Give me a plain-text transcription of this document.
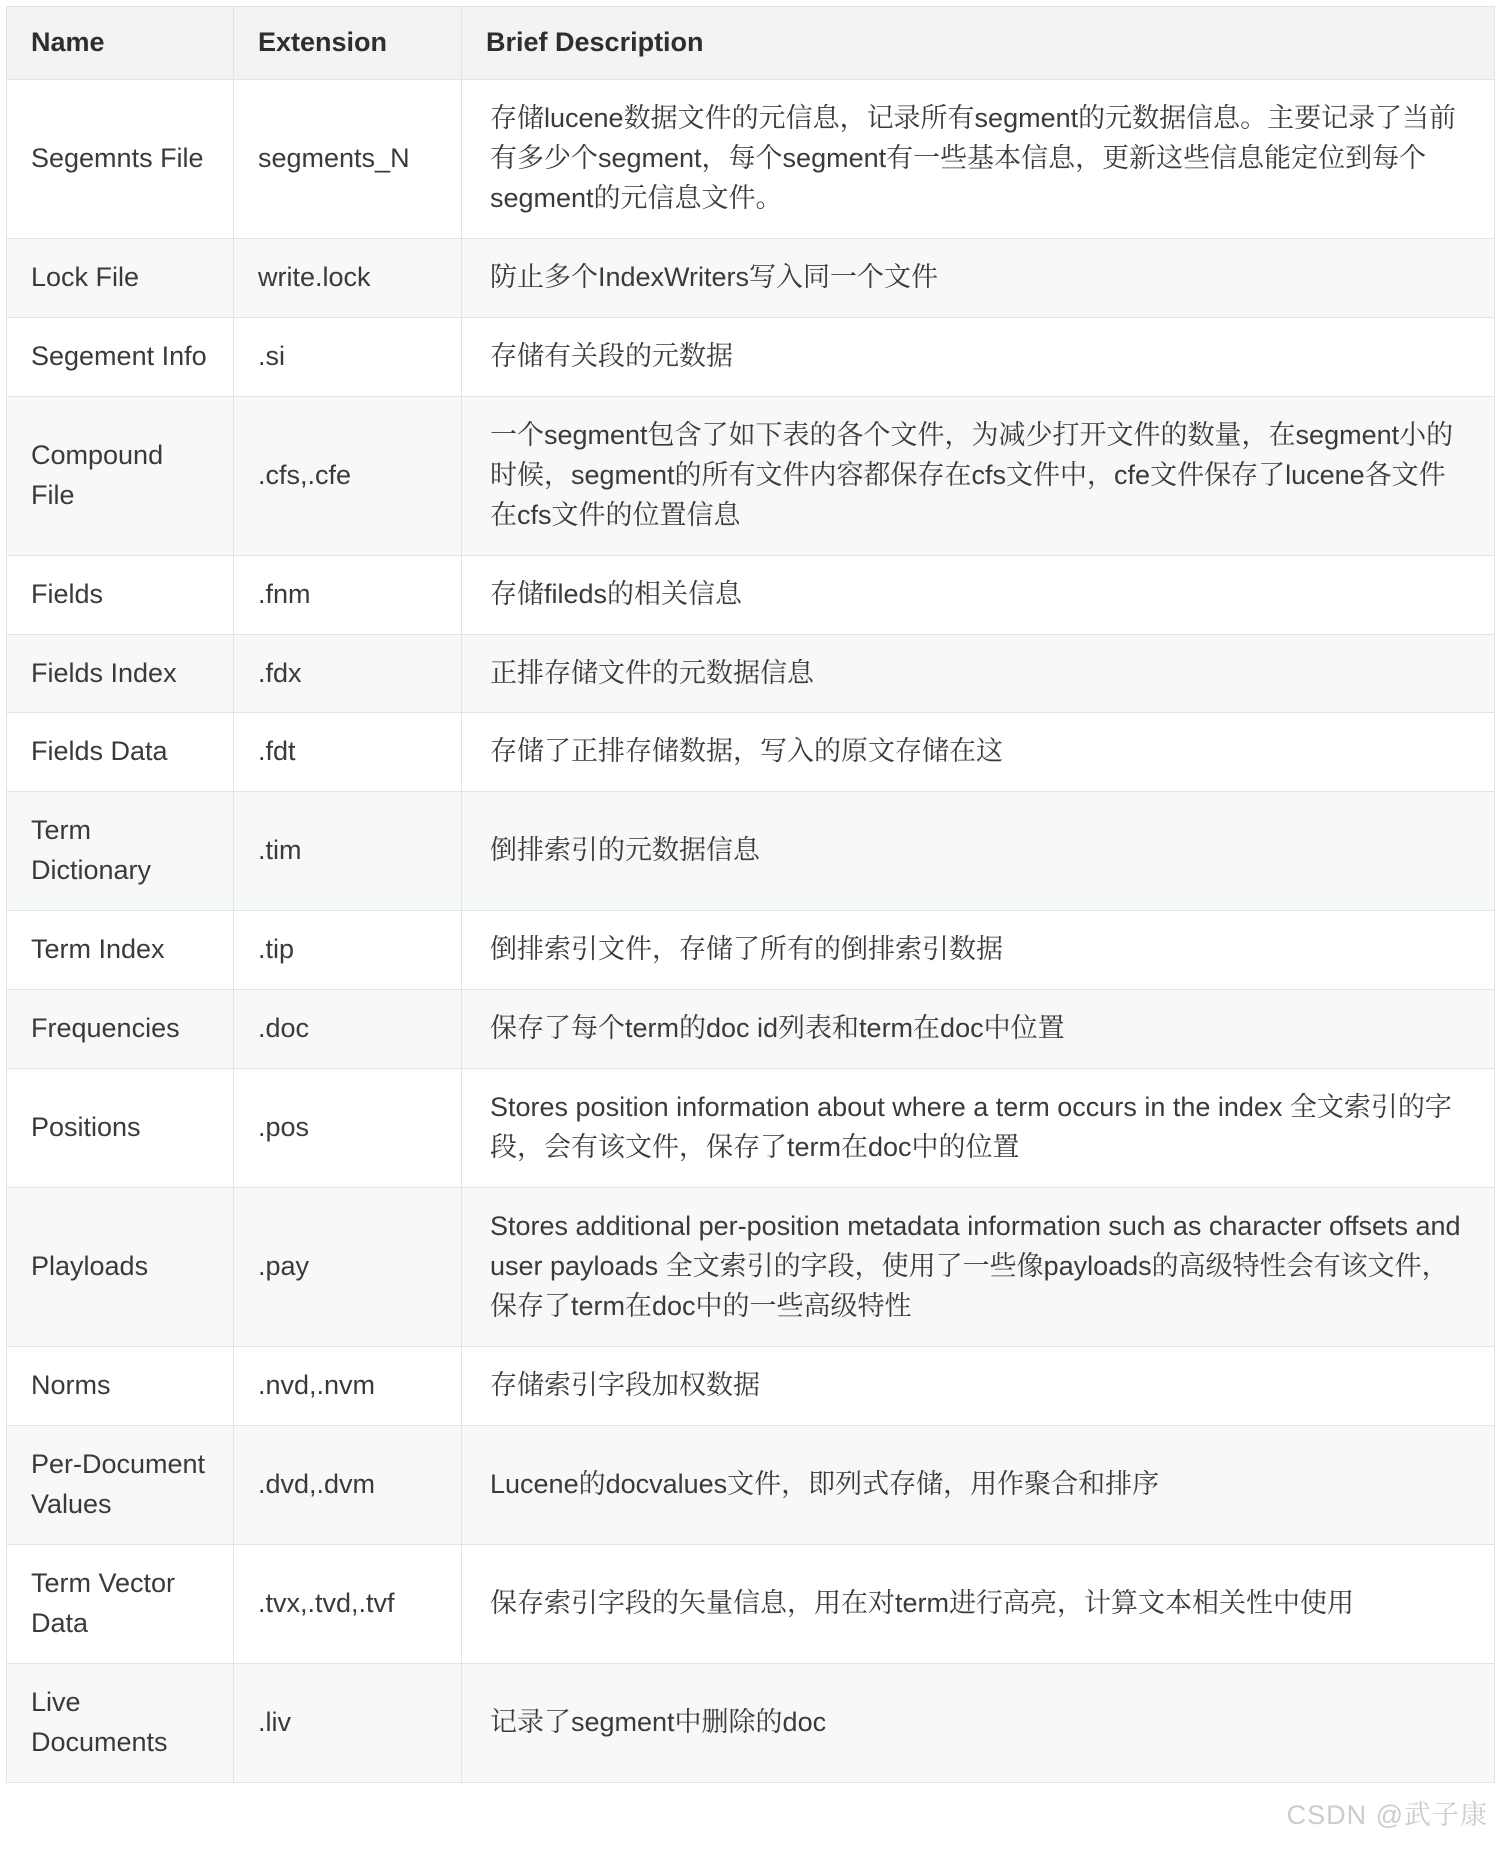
Name	Extension	Brief Description
Segemnts File	segments_N	存储lucene数据文件的元信息，记录所有segment的元数据信息。主要记录了当前有多少个segment，每个segment有一些基本信息，更新这些信息能定位到每个segment的元信息文件。
Lock File	write.lock	防止多个IndexWriters写入同一个文件
Segement Info	.si	存储有关段的元数据
Compound File	.cfs,.cfe	一个segment包含了如下表的各个文件，为减少打开文件的数量，在segment小的时候，segment的所有文件内容都保存在cfs文件中，cfe文件保存了lucene各文件在cfs文件的位置信息
Fields	.fnm	存储fileds的相关信息
Fields Index	.fdx	正排存储文件的元数据信息
Fields Data	.fdt	存储了正排存储数据，写入的原文存储在这
Term Dictionary	.tim	倒排索引的元数据信息
Term Index	.tip	倒排索引文件，存储了所有的倒排索引数据
Frequencies	.doc	保存了每个term的doc id列表和term在doc中位置
Positions	.pos	Stores position information about where a term occurs in the index 全文索引的字段，会有该文件，保存了term在doc中的位置
Playloads	.pay	Stores additional per-position metadata information such as character offsets and user payloads 全文索引的字段，使用了一些像payloads的高级特性会有该文件，保存了term在doc中的一些高级特性
Norms	.nvd,.nvm	存储索引字段加权数据
Per-Document Values	.dvd,.dvm	Lucene的docvalues文件，即列式存储，用作聚合和排序
Term Vector Data	.tvx,.tvd,.tvf	保存索引字段的矢量信息，用在对term进行高亮，计算文本相关性中使用
Live Documents	.liv	记录了segment中删除的doc
CSDN @武子康
